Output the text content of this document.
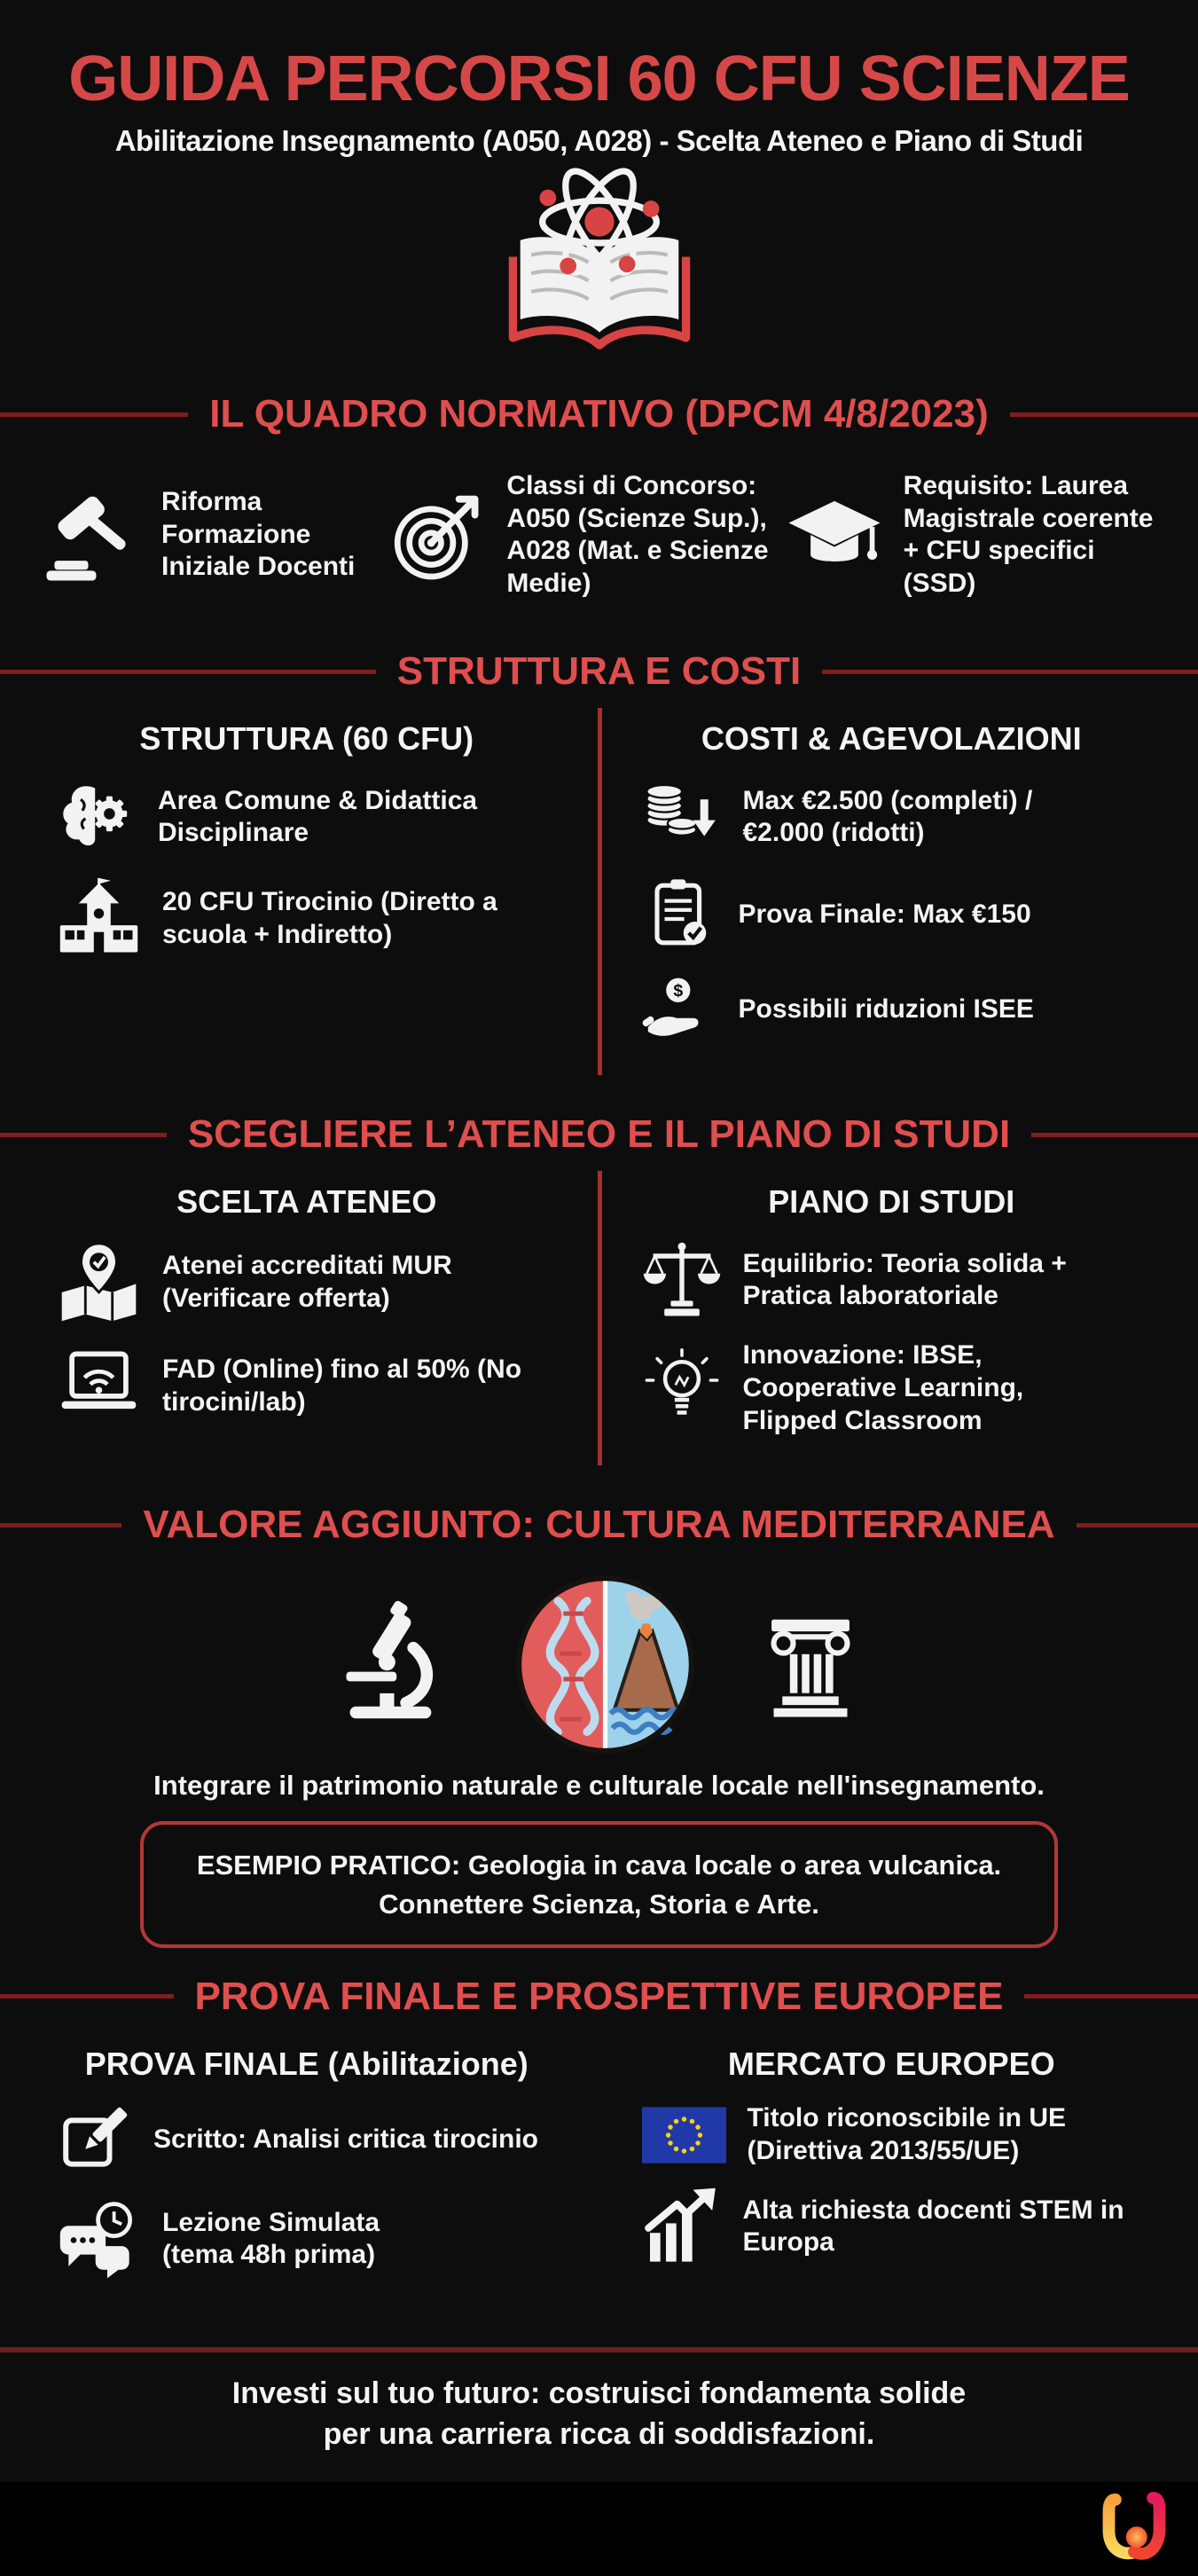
GUIDA PERCORSI 60 CFU SCIENZE
Abilitazione Insegnamento (A050, A028) - Scelta Ateneo e Piano di Studi
IL QUADRO NORMATIVO (DPCM 4/8/2023)
Riforma Formazione Iniziale Docenti
Classi di Concorso: A050 (Scienze Sup.), A028 (Mat. e Scienze Medie)
Requisito: Laurea Magistrale coerente + CFU specifici (SSD)
STRUTTURA E COSTI
STRUTTURA (60 CFU)
Area Comune & Didattica Disciplinare
20 CFU Tirocinio (Diretto a scuola + Indiretto)
COSTI & AGEVOLAZIONI
Max €2.500 (completi) / €2.000 (ridotti)
Prova Finale: Max €150
$
Possibili riduzioni ISEE
SCEGLIERE L’ATENEO E IL PIANO DI STUDI
SCELTA ATENEO
Atenei accreditati MUR (Verificare offerta)
FAD (Online) fino al 50% (No tirocini/lab)
PIANO DI STUDI
Equilibrio: Teoria solida + Pratica laboratoriale
Innovazione: IBSE, Cooperative Learning, Flipped Classroom
VALORE AGGIUNTO: CULTURA MEDITERRANEA
Integrare il patrimonio naturale e culturale locale nell'insegnamento.
ESEMPIO PRATICO: Geologia in cava locale o area vulcanica.
Connettere Scienza, Storia e Arte.
PROVA FINALE E PROSPETTIVE EUROPEE
PROVA FINALE (Abilitazione)
Scritto: Analisi critica tirocinio
Lezione Simulata (tema 48h prima)
MERCATO EUROPEO
Titolo riconoscibile in UE (Direttiva 2013/55/UE)
Alta richiesta docenti STEM in Europa
Investi sul tuo futuro: costruisci fondamenta solide
per una carriera ricca di soddisfazioni.
